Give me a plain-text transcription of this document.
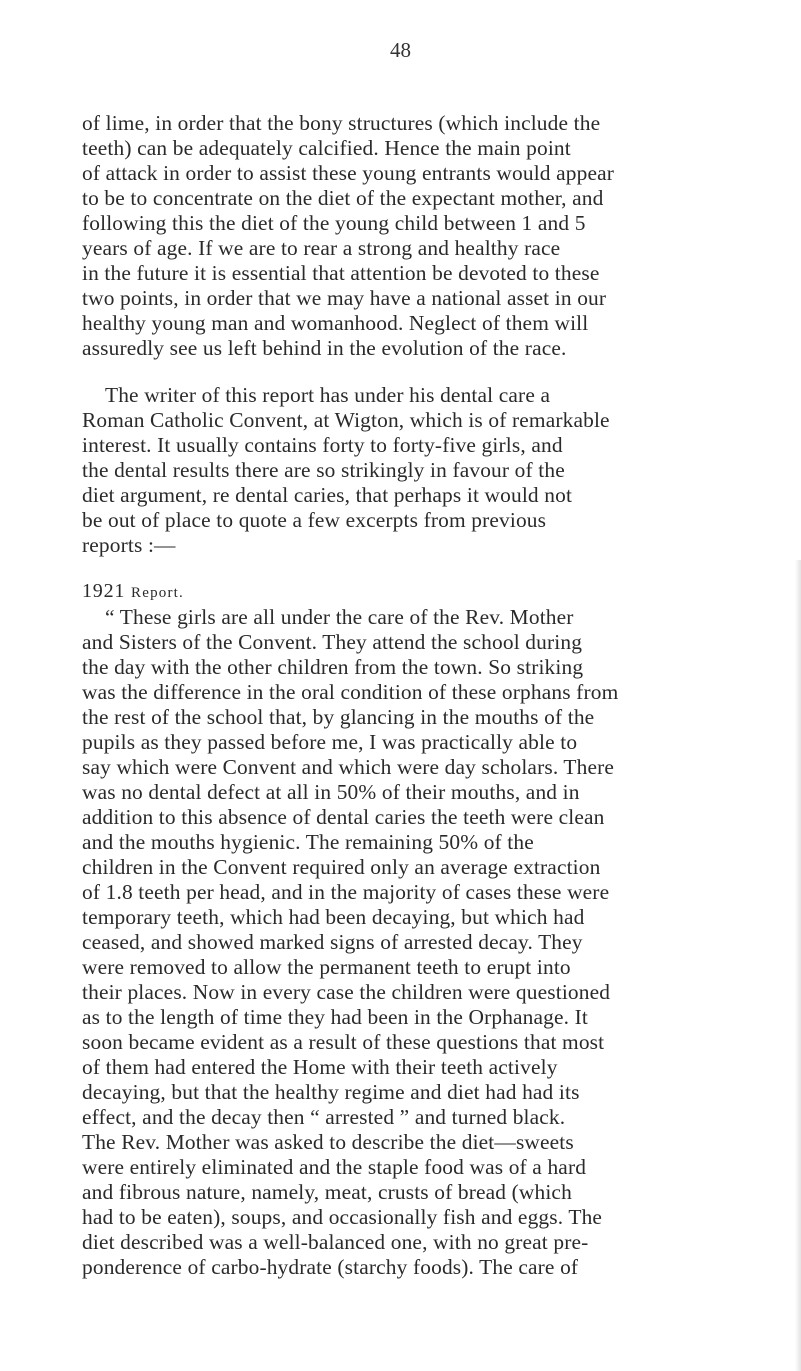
48
of lime, in order that the bony structures (which include the
teeth) can be adequately calcified. Hence the main point
of attack in order to assist these young entrants would appear
to be to concentrate on the diet of the expectant mother, and
following this the diet of the young child between 1 and 5
years of age. If we are to rear a strong and healthy race
in the future it is essential that attention be devoted to these
two points, in order that we may have a national asset in our
healthy young man and womanhood. Neglect of them will
assuredly see us left behind in the evolution of the race.
The writer of this report has under his dental care a
Roman Catholic Convent, at Wigton, which is of remarkable
interest. It usually contains forty to forty-five girls, and
the dental results there are so strikingly in favour of the
diet argument, re dental caries, that perhaps it would not
be out of place to quote a few excerpts from previous
reports :—
1921 Report.
“ These girls are all under the care of the Rev. Mother
and Sisters of the Convent. They attend the school during
the day with the other children from the town. So striking
was the difference in the oral condition of these orphans from
the rest of the school that, by glancing in the mouths of the
pupils as they passed before me, I was practically able to
say which were Convent and which were day scholars. There
was no dental defect at all in 50% of their mouths, and in
addition to this absence of dental caries the teeth were clean
and the mouths hygienic. The remaining 50% of the
children in the Convent required only an average extraction
of 1.8 teeth per head, and in the majority of cases these were
temporary teeth, which had been decaying, but which had
ceased, and showed marked signs of arrested decay. They
were removed to allow the permanent teeth to erupt into
their places. Now in every case the children were questioned
as to the length of time they had been in the Orphanage. It
soon became evident as a result of these questions that most
of them had entered the Home with their teeth actively
decaying, but that the healthy regime and diet had had its
effect, and the decay then “ arrested ” and turned black.
The Rev. Mother was asked to describe the diet—sweets
were entirely eliminated and the staple food was of a hard
and fibrous nature, namely, meat, crusts of bread (which
had to be eaten), soups, and occasionally fish and eggs. The
diet described was a well-balanced one, with no great pre-
ponderence of carbo-hydrate (starchy foods). The care of
